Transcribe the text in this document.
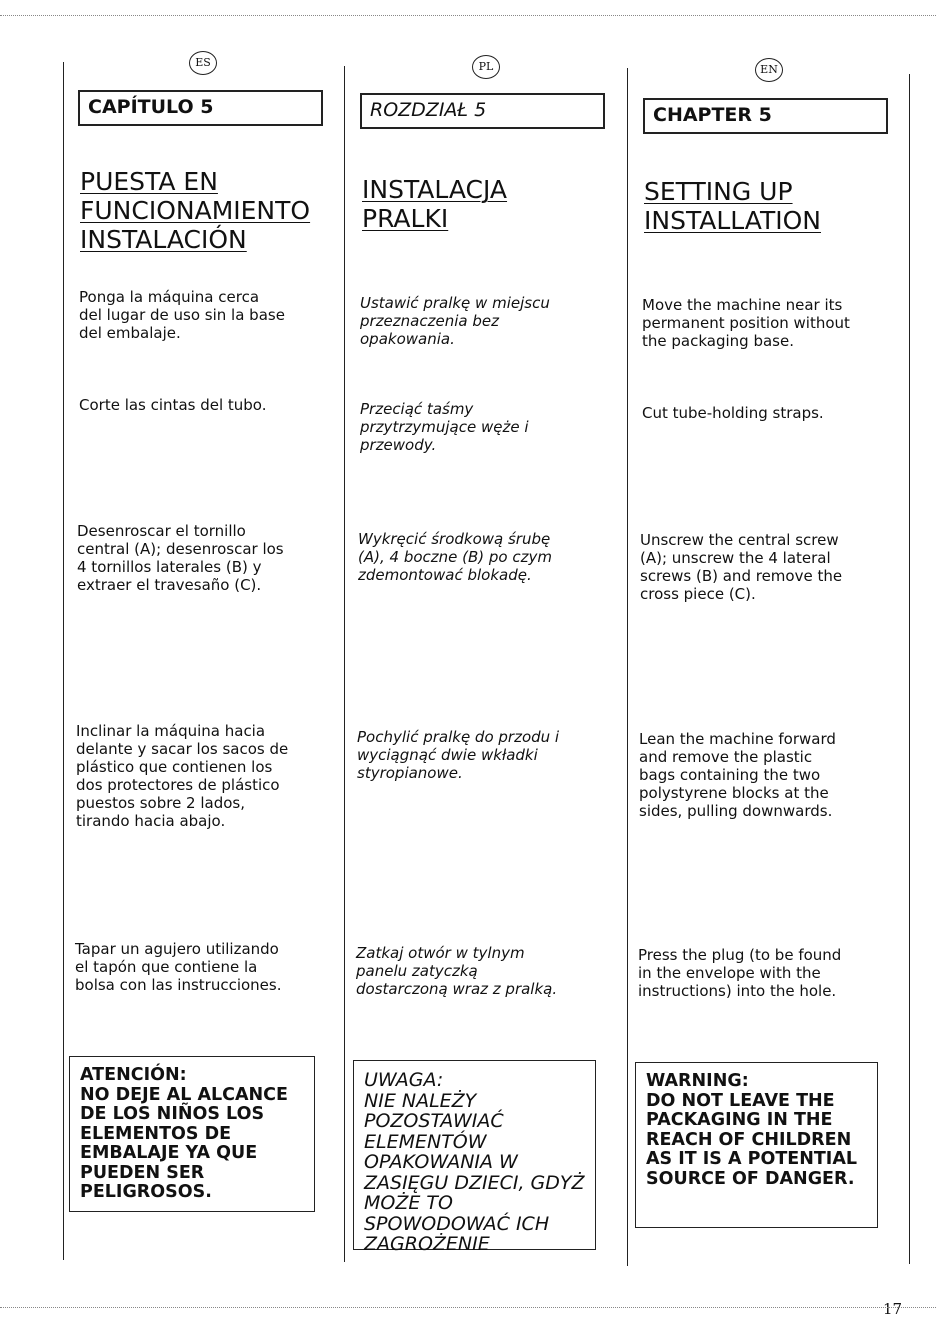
ES
CAPÍTULO 5
PUESTA EN
FUNCIONAMIENTO
INSTALACIÓN
Ponga la máquina cerca
del lugar de uso sin la base
del embalaje.
Corte las cintas del tubo.
Desenroscar el tornillo
central (A); desenroscar los
4 tornillos laterales (B) y
extraer el travesaño (C).
Inclinar la máquina hacia
delante y sacar los sacos de
plástico que contienen los
dos protectores de plástico
puestos sobre 2 lados,
tirando hacia abajo.
Tapar un agujero utilizando
el tapón que contiene la
bolsa con las instrucciones.
ATENCIÓN:
NO DEJE AL ALCANCE
DE LOS NIÑOS LOS
ELEMENTOS DE
EMBALAJE YA QUE
PUEDEN SER
PELIGROSOS.
PL
ROZDZIAŁ 5
INSTALACJA
PRALKI
Ustawić pralkę w miejscu
przeznaczenia bez
opakowania.
Przeciąć taśmy
przytrzymujące węże i
przewody.
Wykręcić środkową śrubę
(A), 4 boczne (B) po czym
zdemontować blokadę.
Pochylić pralkę do przodu i
wyciągnąć dwie wkładki
styropianowe.
Zatkaj otwór w tylnym
panelu zatyczką
dostarczoną wraz z pralką.
UWAGA:
NIE NALEŻY
POZOSTAWIAĆ
ELEMENTÓW
OPAKOWANIA W
ZASIĘGU DZIECI, GDYŻ
MOŻE TO
SPOWODOWAĆ ICH
ZAGROŻENIE
EN
CHAPTER 5
SETTING UP
INSTALLATION
Move the machine near its
permanent position without
the packaging base.
Cut tube-holding straps.
Unscrew the central screw
(A); unscrew the 4 lateral
screws (B) and remove the
cross piece (C).
Lean the machine forward
and remove the plastic
bags containing the two
polystyrene blocks at the
sides, pulling downwards.
Press the plug (to be found
in the envelope with the
instructions) into the hole.
WARNING:
DO NOT LEAVE THE
PACKAGING IN THE
REACH OF CHILDREN
AS IT IS A POTENTIAL
SOURCE OF DANGER.
17
